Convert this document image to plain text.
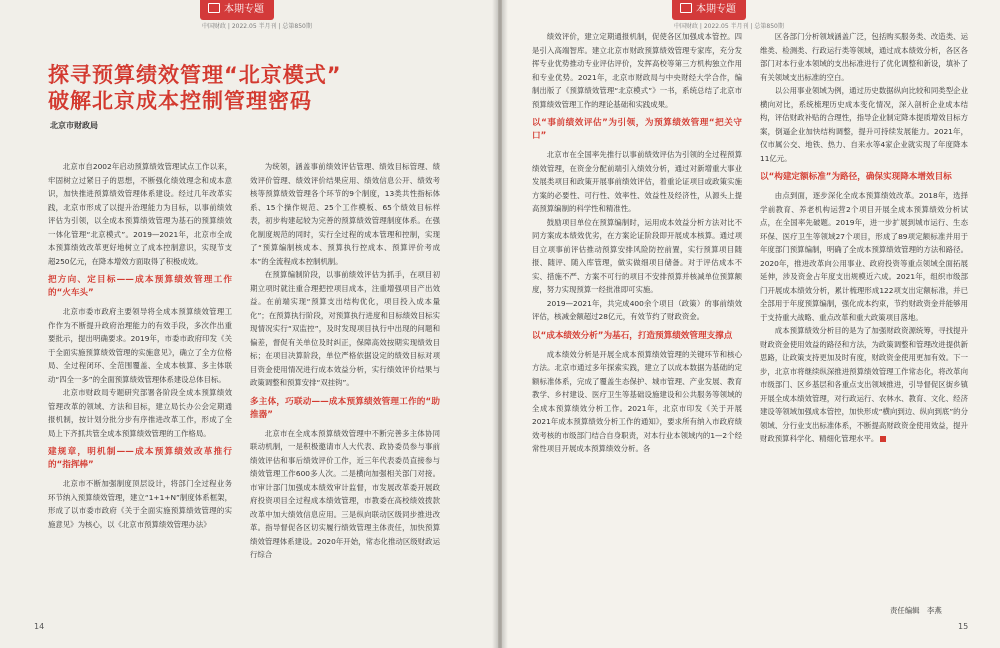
本期专题
中国财政 | 2022.05 半月刊 | 总第850期
探寻预算绩效管理“北京模式”
破解北京成本控制管理密码
北京市财政局

北京市自2002年启动预算绩效管理试点工作以来，牢固树立过紧日子的思想，不断强化绩效理念和成本意识，加快推进预算绩效管理体系建设。经过几年改革实践，北京市形成了以提升治理能力为目标，以事前绩效评估为引领，以全成本预算绩效管理为基石的预算绩效一体化管理“北京模式”。2019—2021年，北京市全成本预算绩效改革更好地树立了成本控制意识，实现节支超250亿元，在降本增效方面取得了积极成效。

把方向、定目标——成本预算绩效管理工作的“火车头”

北京市委市政府主要领导将全成本预算绩效管理工作作为不断提升政府治理能力的有效手段，多次作出重要批示，提出明确要求。2019年，市委市政府印发《关于全面实施预算绩效管理的实施意见》，确立了全方位格局、全过程闭环、全范围覆盖、全成本核算、多主体联动“四全一多”的全面预算绩效管理体系建设总体目标。

北京市财政局专题研究部署各阶段全成本预算绩效管理改革的领域、方法和目标，建立局长办公会定期通报机制，按计划分批分步有序推进改革工作，形成了全局上下齐抓共管全成本预算绩效管理的工作格局。

建规章，明机制——成本预算绩效改革推行的“指挥棒”

北京市不断加强制度顶层设计，将部门全过程业务环节纳入预算绩效管理，建立“1+1+N”制度体系框架，形成了以市委市政府《关于全面实施预算绩效管理的实施意见》为核心，以《北京市预算绩效管理办法》

为统领，涵盖事前绩效评估管理、绩效目标管理、绩效评价管理、绩效评价结果应用、绩效信息公开、绩效考核等预算绩效管理各个环节的9个制度，13类共性指标体系、15个操作规范、25个工作模板、65个绩效目标样表，初步构建起较为完善的预算绩效管理制度体系。在强化制度规范的同时，实行全过程的成本管理和控制，实现了“预算编制核成本、预算执行控成本、预算评价考成本”的全流程成本控制机制。

在预算编制阶段，以事前绩效评估为抓手，在项目初期立项时就注重合理把控项目成本，注重增强项目产出效益。在前端实现“预算支出结构优化，项目投入成本量化”；在预算执行阶段，对预算执行进度和目标绩效目标实现情况实行“双监控”，及时发现项目执行中出现的问题和偏差，督促有关单位及时纠正，保障高效按期实现绩效目标；在项目决算阶段，单位严格依据设定的绩效目标对项目资金使用情况进行成本效益分析，实行绩效评价结果与政策调整和预算安排“双挂钩”。

多主体，巧联动——成本预算绩效管理工作的“助推器”

北京市在全成本预算绩效管理中不断完善多主体协同联动机制，一是积极邀请市人大代表、政协委员参与事前绩效评估和事后绩效评价工作，近三年代表委员直接参与绩效管理工作600多人次。二是横向加强相关部门对接。市审计部门加强成本绩效审计监督，市发展改革委开展政府投资项目全过程成本绩效管理，市教委在高校绩效拨款改革中加大绩效信息应用。三是纵向联动区级同步推进改革。指导督促各区切实履行绩效管理主体责任，加快预算绩效管理体系建设。2020年开始，常态化推动区级财政运行综合

14
本期专题
中国财政 | 2022.05 半月刊 | 总第850期

绩效评价，建立定期通报机制，促使各区加强成本管控。四是引入高端智库。建立北京市财政预算绩效管理专家库，充分发挥专业优势推动专业评估评价，发挥高校等第三方机构独立作用和专业优势。2021年，北京市财政局与中央财经大学合作，编制出版了《预算绩效管理“北京模式”》一书，系统总结了北京市预算绩效管理工作的理论基础和实践成果。

以“事前绩效评估”为引领，为预算绩效管理“把关守口”

北京市在全国率先推行以事前绩效评估为引领的全过程预算绩效管理，在资金分配前端引入绩效分析，通过对新增重大事业发展类项目和政策开展事前绩效评估，着重论证项目或政策实施方案的必要性、可行性、效率性、效益性及经济性，从源头上提高预算编制的科学性和精准性。

鼓励项目单位在预算编制时，运用成本效益分析方法对比不同方案成本绩效优劣，在方案论证阶段即开展成本核算。通过项目立项事前评估推动预算安排风险防控前置，实行预算项目随报、随评、随入库管理，做实做细项目储备。对于评估成本不实、措施不严、方案不可行的项目不安排预算并核减单位预算额度，努力实现预算一经批准即可实施。

2019—2021年，共完成400余个项目（政策）的事前绩效评估，核减金额超过28亿元，有效节约了财政资金。

以“成本绩效分析”为基石，打造预算绩效管理支撑点

成本绩效分析是开展全成本预算绩效管理的关键环节和核心方法。北京市通过多年探索实践，建立了以成本数据为基础的定额标准体系，完成了覆盖生态保护、城市管理、产业发展、教育教学、乡村建设、医疗卫生等基础设施建设和公共服务等领域的全成本预算绩效分析工作。2021年，北京市印发《关于开展2021年成本预算绩效分析工作的通知》，要求所有纳入市政府绩效考核的市级部门结合自身职责，对本行业本领域内的1—2个经常性项目开展成本预算绩效分析。各

区各部门分析领域涵盖广泛，包括购买服务类、改造类、运维类、检测类、行政运行类等领域，通过成本绩效分析，各区各部门对本行业本领域的支出标准进行了优化调整和新设，填补了有关领域支出标准的空白。

以公用事业领域为例，通过历史数据纵向比较和同类型企业横向对比，系统梳理历史成本变化情况，深入剖析企业成本结构，评估财政补贴的合理性，指导企业制定降本提质增效目标方案，倒逼企业加快结构调整，提升可持续发展能力。2021年，仅市属公交、地铁、热力、自来水等4家企业就实现了年度降本11亿元。

以“构建定额标准”为路径，确保实现降本增效目标

由点到面，逐步深化全成本预算绩效改革。2018年，选择学前教育、养老机构运营2个项目开展全成本预算绩效分析试点，在全国率先破题。2019年，进一步扩展到城市运行、生态环保、医疗卫生等领域27个项目，形成了89项定额标准并用于年度部门预算编制，明确了全成本预算绩效管理的方法和路径。2020年，推进改革向公用事业、政府投资等重点领域全面拓展延伸，涉及资金占年度支出规模近六成。2021年，组织市级部门开展成本绩效分析，累计梳理形成122项支出定额标准，并已全部用于年度预算编制，强化成本约束，节约财政资金并能够用于支持重大战略、重点改革和重大政策项目落地。

成本预算绩效分析目的是为了加强财政资源统筹，寻找提升财政资金使用效益的路径和方法，为政策调整和管理改进提供新思路，让政策支持更加及时有度，财政资金使用更加有效。下一步，北京市将继续纵深推进预算绩效管理工作常态化，将改革向市级部门、区乡基层和各重点支出领域推进，引导督促区街乡镇开展全成本绩效管理，对行政运行、农林水、教育、文化、经济建设等领域加强成本管控，加快形成“横向到边、纵向到底”的分领域、分行业支出标准体系，不断提高财政资金使用效益，提升财政预算科学化、精细化管理水平。

责任编辑　李燕
15
